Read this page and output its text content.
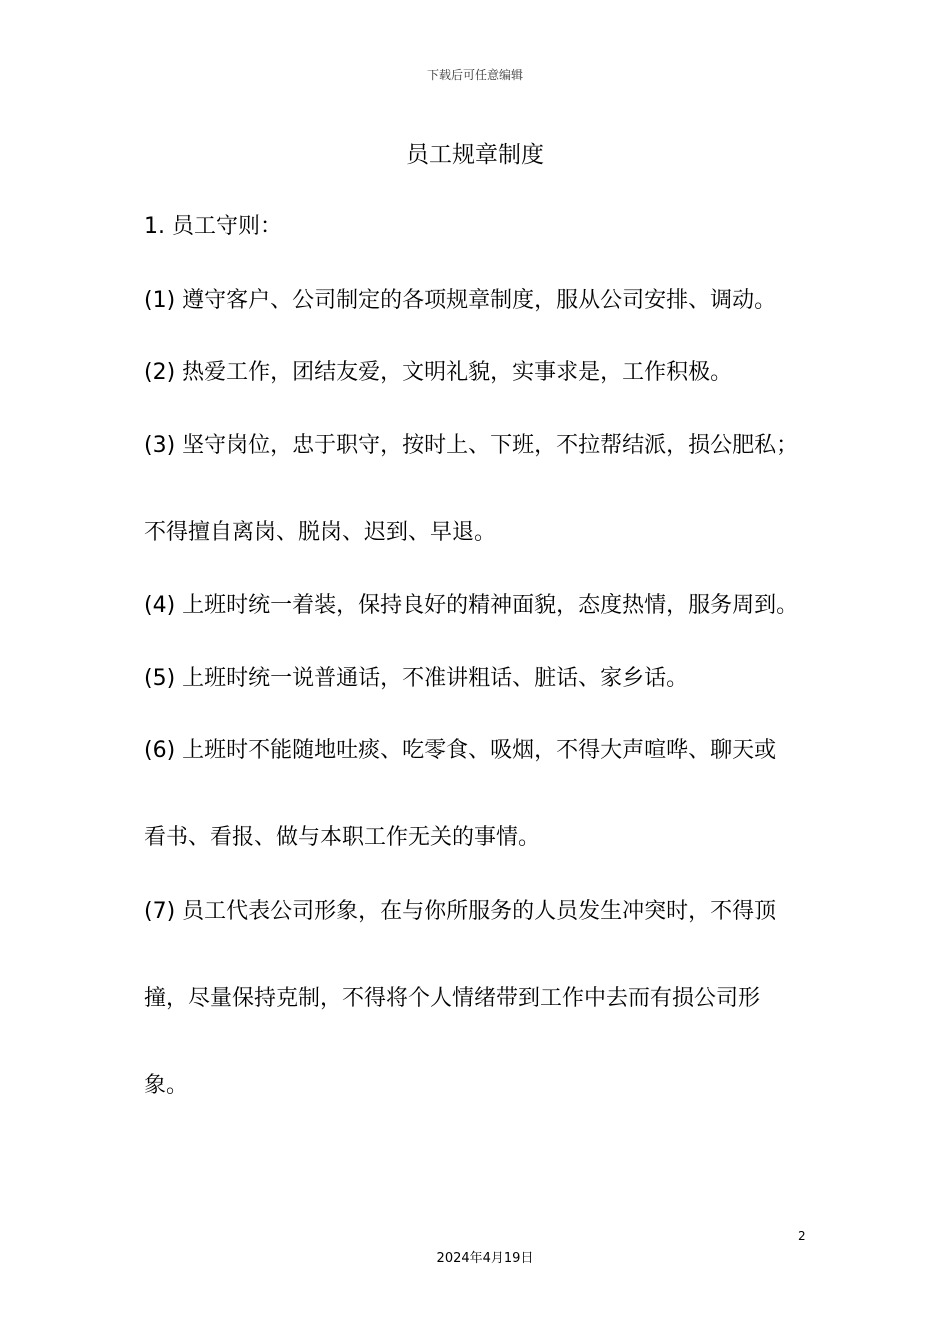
下载后可任意编辑
员工规章制度
1. 员工守则：
(1) 遵守客户、公司制定的各项规章制度，服从公司安排、调动。
(2) 热爱工作，团结友爱，文明礼貌，实事求是，工作积极。
(3) 坚守岗位，忠于职守，按时上、下班，不拉帮结派，损公肥私；
不得擅自离岗、脱岗、迟到、早退。
(4) 上班时统一着装，保持良好的精神面貌，态度热情，服务周到。
(5) 上班时统一说普通话，不准讲粗话、脏话、家乡话。
(6) 上班时不能随地吐痰、吃零食、吸烟，不得大声喧哗、聊天或
看书、看报、做与本职工作无关的事情。
(7) 员工代表公司形象，在与你所服务的人员发生冲突时，不得顶
撞，尽量保持克制，不得将个人情绪带到工作中去而有损公司形
象。
2
2024年4月19日
